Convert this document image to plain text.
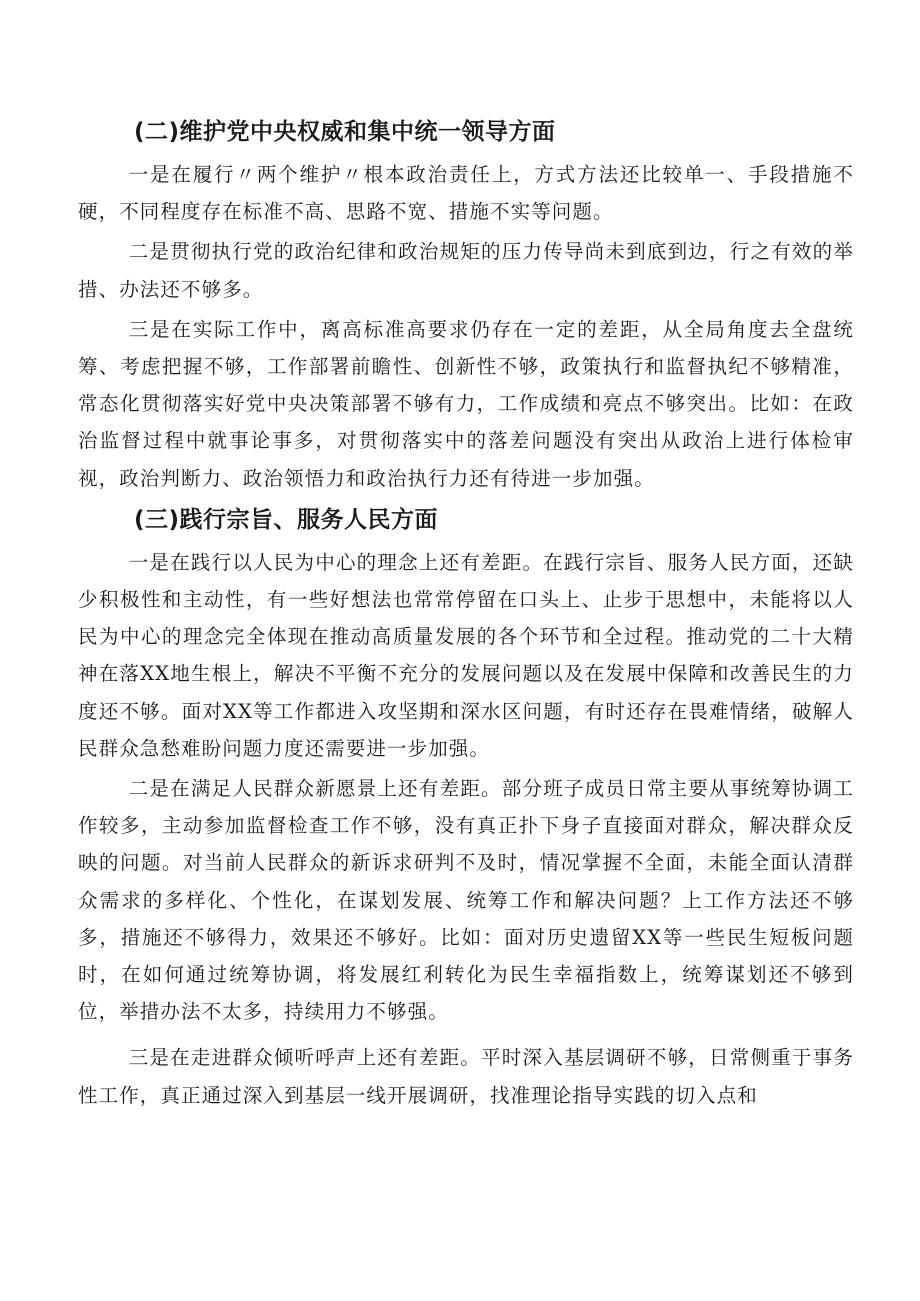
(二)维护党中央权威和集中统一领导方面

一是在履行〃两个维护〃根本政治责任上，方式方法还比较单一、手段措施不硬，不同程度存在标准不高、思路不宽、措施不实等问题。

二是贯彻执行党的政治纪律和政治规矩的压力传导尚未到底到边，行之有效的举措、办法还不够多。

三是在实际工作中，离高标准高要求仍存在一定的差距，从全局角度去全盘统筹、考虑把握不够，工作部署前瞻性、创新性不够，政策执行和监督执纪不够精准，常态化贯彻落实好党中央决策部署不够有力，工作成绩和亮点不够突出。比如：在政治监督过程中就事论事多，对贯彻落实中的落差问题没有突出从政治上进行体检审视，政治判断力、政治领悟力和政治执行力还有待进一步加强。

(三)践行宗旨、服务人民方面

一是在践行以人民为中心的理念上还有差距。在践行宗旨、服务人民方面，还缺少积极性和主动性，有一些好想法也常常停留在口头上、止步于思想中，未能将以人民为中心的理念完全体现在推动高质量发展的各个环节和全过程。推动党的二十大精神在落XX地生根上，解决不平衡不充分的发展问题以及在发展中保障和改善民生的力度还不够。面对XX等工作都进入攻坚期和深水区问题，有时还存在畏难情绪，破解人民群众急愁难盼问题力度还需要进一步加强。

二是在满足人民群众新愿景上还有差距。部分班子成员日常主要从事统筹协调工作较多，主动参加监督检查工作不够，没有真正扑下身子直接面对群众，解决群众反映的问题。对当前人民群众的新诉求研判不及时，情况掌握不全面，未能全面认清群众需求的多样化、个性化，在谋划发展、统筹工作和解决问题？上工作方法还不够多，措施还不够得力，效果还不够好。比如：面对历史遗留XX等一些民生短板问题时，在如何通过统筹协调，将发展红利转化为民生幸福指数上，统筹谋划还不够到位，举措办法不太多，持续用力不够强。

三是在走进群众倾听呼声上还有差距。平时深入基层调研不够，日常侧重于事务性工作，真正通过深入到基层一线开展调研，找准理论指导实践的切入点和
